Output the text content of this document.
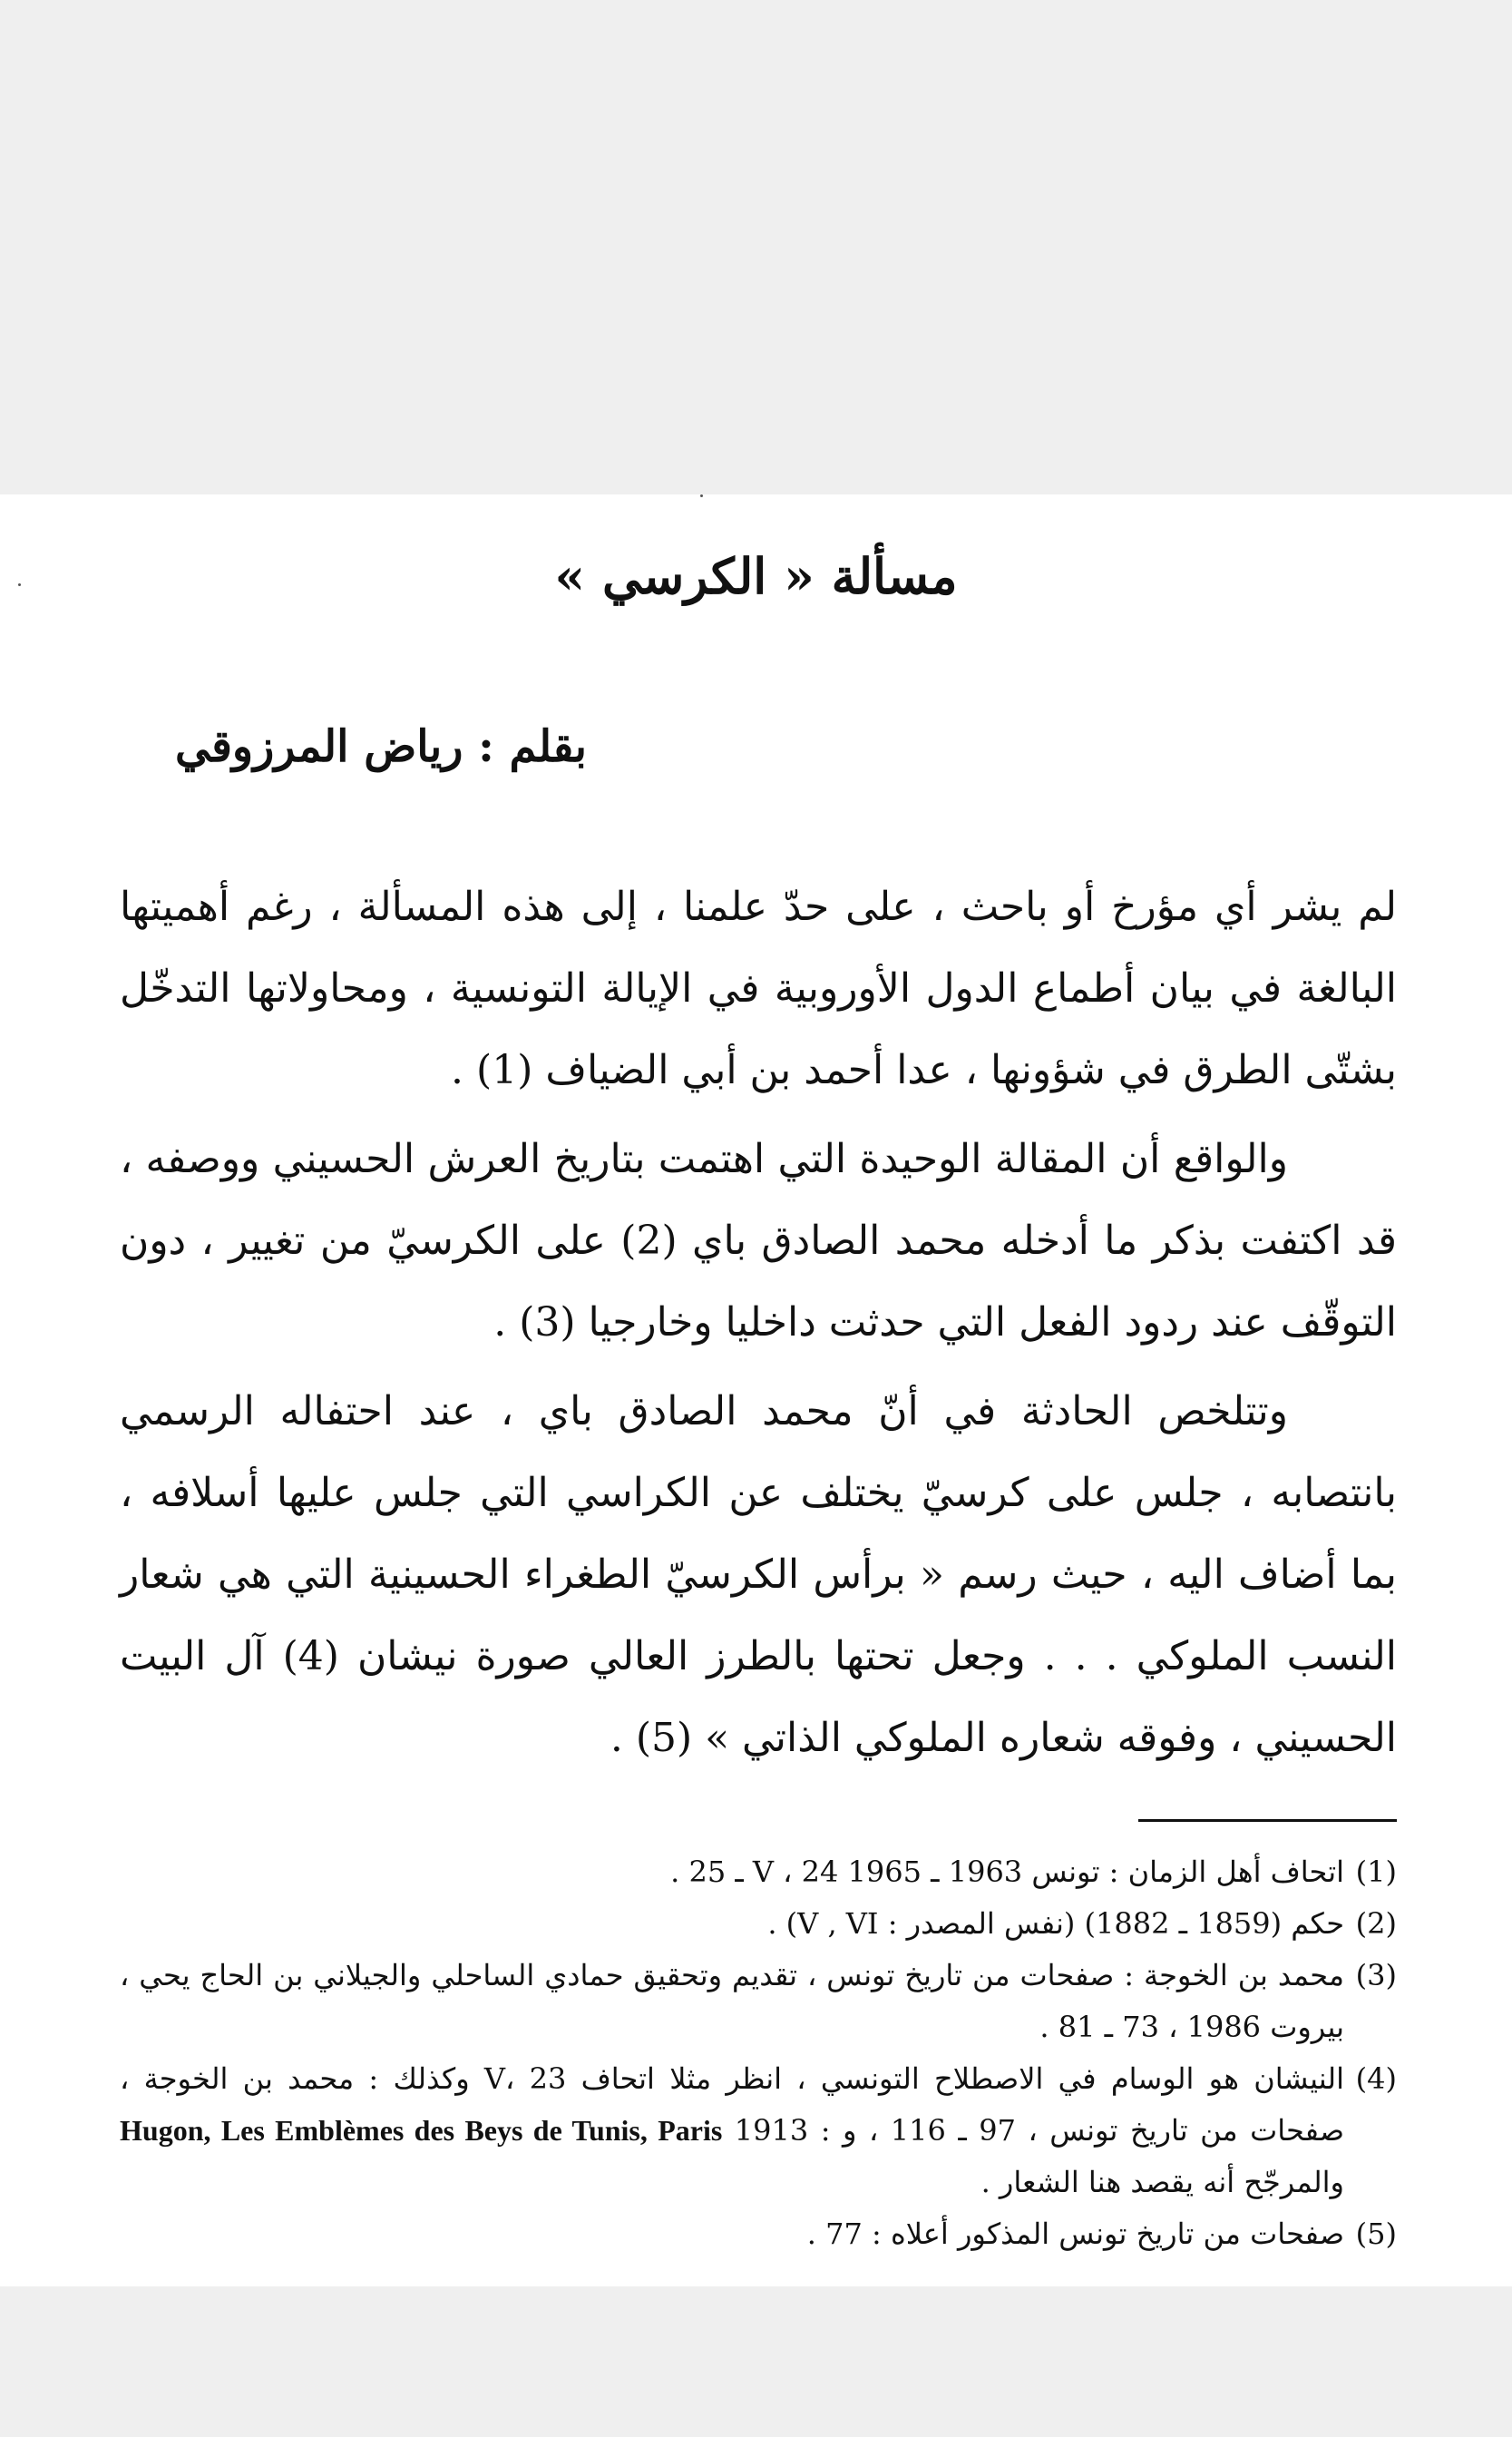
مسألة « الكرسي »
بقلم : رياض المرزوقي

لم يشر أي مؤرخ أو باحث ، على حدّ علمنا ، إلى هذه المسألة ، رغم أهميتها البالغة في بيان أطماع الدول الأوروبية في الإيالة التونسية ، ومحاولاتها التدخّل بشتّى الطرق في شؤونها ، عدا أحمد بن أبي الضياف (1) .

والواقع أن المقالة الوحيدة التي اهتمت بتاريخ العرش الحسيني ووصفه ، قد اكتفت بذكر ما أدخله محمد الصادق باي (2) على الكرسيّ من تغيير ، دون التوقّف عند ردود الفعل التي حدثت داخليا وخارجيا (3) .

وتتلخص الحادثة في أنّ محمد الصادق باي ، عند احتفاله الرسمي بانتصابه ، جلس على كرسيّ يختلف عن الكراسي التي جلس عليها أسلافه ، بما أضاف اليه ، حيث رسم « برأس الكرسيّ الطغراء الحسينية التي هي شعار النسب الملوكي . . . وجعل تحتها بالطرز العالي صورة نيشان (4) آل البيت الحسيني ، وفوقه شعاره الملوكي الذاتي » (5) .

(1)
اتحاف أهل الزمان : تونس 1963 ـ 1965 V ، 24 ـ 25 .
(2)
حكم (1859 ـ 1882) (نفس المصدر : V , VI) .
(3)
محمد بن الخوجة : صفحات من تاريخ تونس ، تقديم وتحقيق حمادي الساحلي والجيلاني بن الحاج يحي ، بيروت 1986 ، 73 ـ 81 .
(4)
النيشان هو الوسام في الاصطلاح التونسي ، انظر مثلا اتحاف V، 23 وكذلك : محمد بن الخوجة ، صفحات من تاريخ تونس ، 97 ـ 116 ، و : Hugon, Les Emblèmes des Beys de Tunis, Paris 1913 والمرجّح أنه يقصد هنا الشعار .
(5)
صفحات من تاريخ تونس المذكور أعلاه : 77 .
